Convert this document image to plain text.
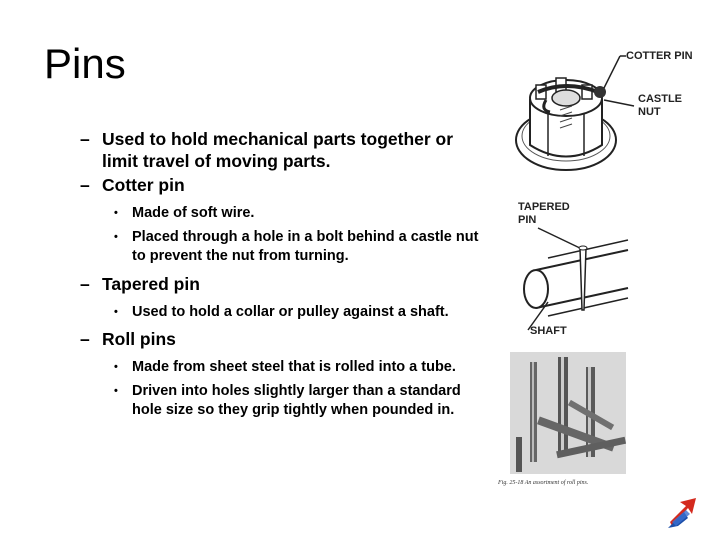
Pins

– Used to hold mechanical parts together or limit travel of moving parts.

– Cotter pin

• Made of soft wire.

• Placed through a hole in a bolt behind a castle nut to prevent the nut from turning.

– Tapered pin

• Used to hold a collar or pulley against a shaft.

– Roll pins

• Made from sheet steel that is rolled into a tube.

• Driven into holes slightly larger than a standard hole size so they grip tightly when pounded in.

COTTER PIN
CASTLE
NUT
TAPERED
PIN
SHAFT
Fig. 25-18 An assortment of roll pins.
